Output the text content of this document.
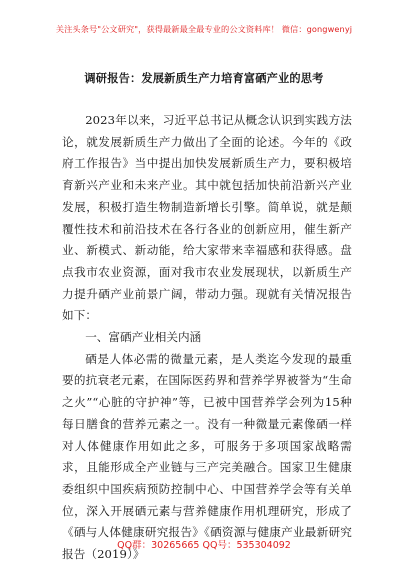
关注头条号"公文研究"，获得最新最全最专业的公文资料库！ 微信：gongwenyj
调研报告：发展新质生产力培育富硒产业的思考

2023年以来，习近平总书记从概念认识到实践方法论，就发展新质生产力做出了全面的论述。今年的《政府工作报告》当中提出加快发展新质生产力，要积极培育新兴产业和未来产业。其中就包括加快前沿新兴产业发展，积极打造生物制造新增长引擎。简单说，就是颠覆性技术和前沿技术在各行各业的创新应用，催生新产业、新模式、新动能，给大家带来幸福感和获得感。盘点我市农业资源，面对我市农业发展现状，以新质生产力提升硒产业前景广阔，带动力强。现就有关情况报告如下：

一、富硒产业相关内涵

硒是人体必需的微量元素，是人类迄今发现的最重要的抗衰老元素，在国际医药界和营养学界被誉为“生命之火”“心脏的守护神”等，已被中国营养学会列为15种每日膳食的营养元素之一。没有一种微量元素像硒一样对人体健康作用如此之多，可服务于多项国家战略需求，且能形成全产业链与三产完美融合。国家卫生健康委组织中国疾病预防控制中心、中国营养学会等有关单位，深入开展硒元素与营养健康作用机理研究，形成了《硒与人体健康研究报告》《硒资源与健康产业最新研究报告（2019）》

QQ群：30265665 QQ号：535304092
